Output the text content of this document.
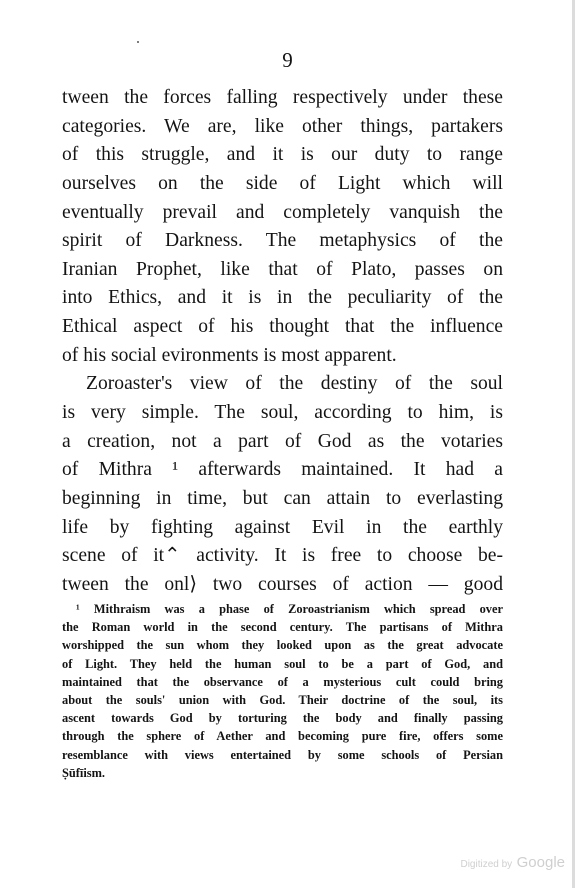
9
tween the forces falling respectively under these
categories. We are, like other things, partakers
of this struggle, and it is our duty to range
ourselves on the side of Light which will
eventually prevail and completely vanquish the
spirit of Darkness. The metaphysics of the
Iranian Prophet, like that of Plato, passes on
into Ethics, and it is in the peculiarity of the
Ethical aspect of his thought that the influence
of his social evironments is most apparent.
Zoroaster's view of the destiny of the soul
is very simple. The soul, according to him, is
a creation, not a part of God as the votaries
of Mithra ¹ afterwards maintained. It had a
beginning in time, but can attain to everlasting
life by fighting against Evil in the earthly
scene of it⌃ activity. It is free to choose be-
tween the onl⟩ two courses of action — good
¹ Mithraism was a phase of Zoroastrianism which spread over
the Roman world in the second century. The partisans of Mithra
worshipped the sun whom they looked upon as the great advocate
of Light. They held the human soul to be a part of God, and
maintained that the observance of a mysterious cult could bring
about the souls' union with God. Their doctrine of the soul, its
ascent towards God by torturing the body and finally passing
through the sphere of Aether and becoming pure fire, offers some
resemblance with views entertained by some schools of Persian
Ṣūfīism.
Digitized by Google
